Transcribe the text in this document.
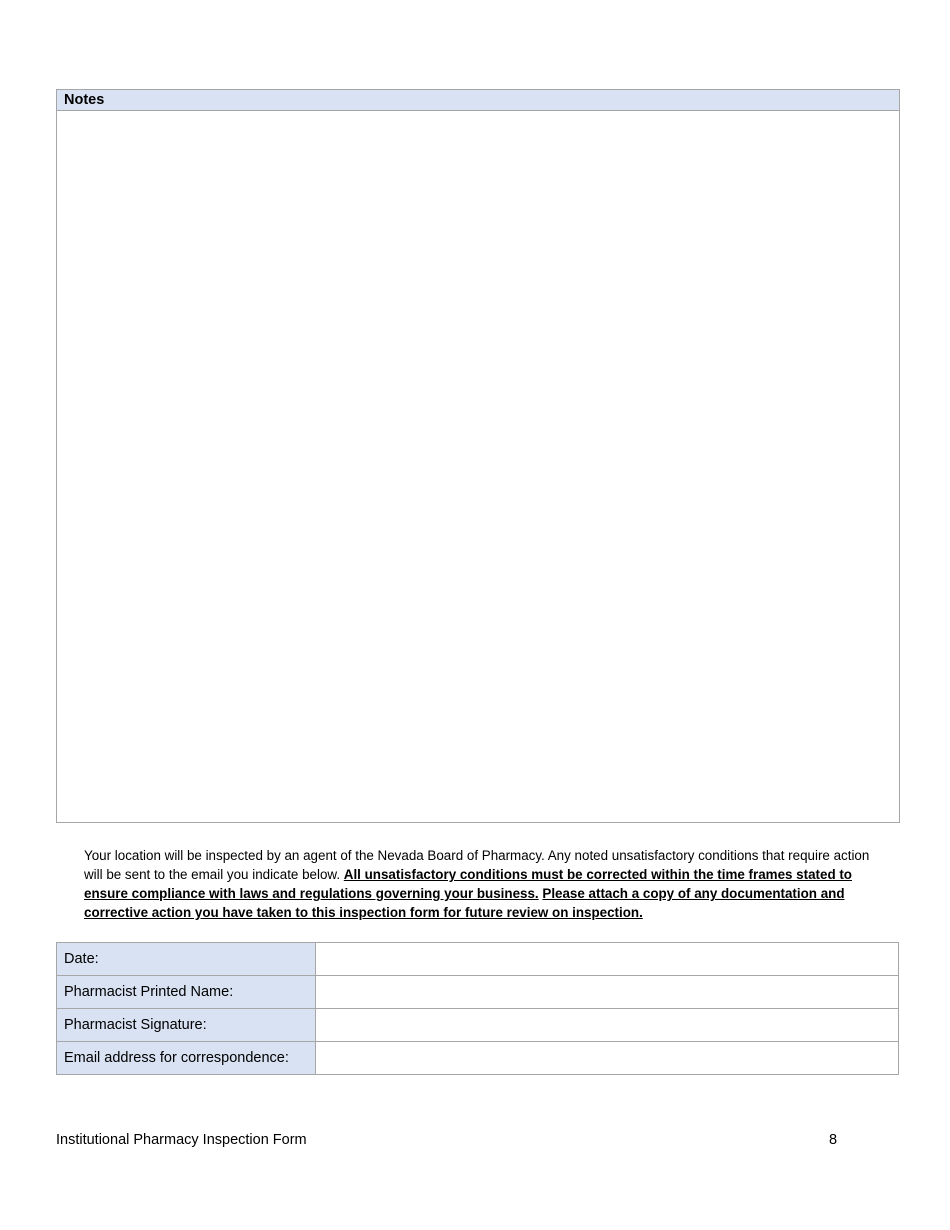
Notes
Your location will be inspected by an agent of the Nevada Board of Pharmacy. Any noted unsatisfactory conditions that require action will be sent to the email you indicate below. All unsatisfactory conditions must be corrected within the time frames stated to ensure compliance with laws and regulations governing your business. Please attach a copy of any documentation and corrective action you have taken to this inspection form for future review on inspection.
Date:	
Pharmacist Printed Name:	
Pharmacist Signature:	
Email address for correspondence:	
Institutional Pharmacy Inspection Form	8
